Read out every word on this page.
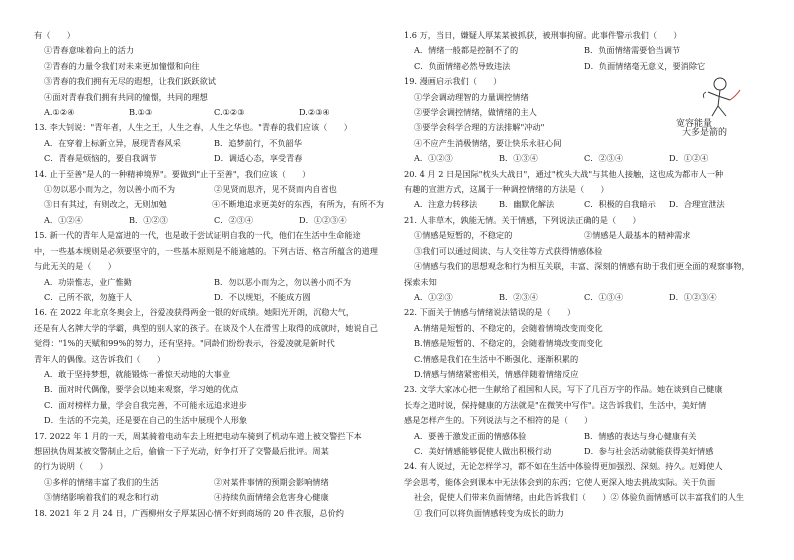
有（　　）
①青春意味着向上的活力
②青春的力量令我们对未来更加憧憬和向往
③青春的我们拥有无尽的遐想，让我们跃跃欲试
④面对青春我们拥有共同的憧憬，共同的理想
A.①②④	B.①③	C.①②③	D.②③④
13. 李大钊说："青年者，人生之王，人生之春，人生之华也。"青春的我们应该（　　）
A．在穿着上标新立异，展现青春风采	B．追梦前行，不负韶华
C．青春是烦恼的，要自我调节	D．调适心态，享受青春
14. 止于至善"是人的一种精神境界"。要做到"止于至善"，我们应该（　　）
①勿以恶小而为之，勿以善小而不为	②见贤而思齐，见不贤而内自省也
③日有其过，有则改之，无则加勉	④不断地追求更美好的东西，有所为，有所不为
A．①②④	B．①②③	C．②③④	D．①②③④
15. 新一代的青年人是富进的一代，也是敢于尝试证明自我的一代，他们在生活中生命能途
中，一些基本规则是必须要坚守的，一些基本原则是不能逾越的。下列古语、格言所蕴含的道理
与此无关的是（　　）
A．功崇惟志，业广惟勤	B．勿以恶小而为之，勿以善小而不为
C．己所不欲，勿施于人	D．不以规矩，不能成方圆
16. 在 2022 年北京冬奥会上，谷爱凌获得两金一银的好成绩。她阳光开朗，沉稳大气，
还是有人名牌大学的学霸，典型的别人家的孩子。在谈及个人在滑雪上取得的成就时，她说自己
觉得："1%的天赋和99%的努力，还有坚持。"同龄们纷纷表示，谷爱凌就是新时代
青年人的偶像。这告诉我们（　　）
A．敢于坚持梦想，就能锻炼一番惊天动地的大事业
B．面对时代偶像，要学会以她来观察，学习她的优点
C．面对榜样力量，学会自我完善，不可能永远追求进步
D．生活的不完美，还是要在自己的生活中展现个人形象
17. 2022 年 1 月的一天，周某骑着电动车去上班把电动车骑到了机动车道上被交警拦下本
想固执伪周某被交警制止之后，偷偷一下子光动，好争打开了交警最后批评。周某
的行为说明（　　）
①多样的情绪丰富了我们的生活	②对某件事情的预期会影响情绪
③情绪影响着我们的观念和行动	④持续负面情绪会危害身心健康
18. 2021 年 2 月 24 日，广西柳州女子厚某因心情不好到商场的 20 件衣服，总价约
1.6 万，当日，嫌疑人厚某某被抓获，被刑事拘留。此事件警示我们（　　）
A．情绪一般都是控制不了的	B．负面情绪需要恰当调节
C．负面情绪必然导致违法	D．负面情绪毫无意义，要消除它
宽容能量
大多是箭的
19. 漫画启示我们（　　）
①学会调动理智的力量调控情绪
②要学会调控情绪，做情绪的主人
③要学会科学合理的方法排解"冲动"
④不应产生消极情绪，要让快乐永驻心间
A．①②③	B．①③④	C．②③④	D．①②④
20. 4 月 2 日是国际"枕头大战日"，通过"枕头大战"与其他人接触，这也成为都市人一种
有趣的宣泄方式，这属于一种调控情绪的方法是（　　）
A．注意力转移法	B．幽默化解法	C．积极的自我暗示	D．合理宣泄法
21. 人非草木，孰能无情。关于情感，下列说法正确的是（　　）
①情感是短暂的，不稳定的	②情感是人最基本的精神需求
③我们可以通过阅读、与人交往等方式获得情感体验
④情感与我们的思想观念和行为相互关联，丰富、深刻的情感有助于我们更全面的观察事物，
探索未知
A．①②③	B．②③④	C．①③④	D．①②③④
22. 下面关于情感与情绪说法错误的是（　　）
A.情绪是短暂的、不稳定的，会随着情境改变而变化
B.情感是短暂的、不稳定的，会随着情境改变而变化
C.情感是我们在生活中不断强化、逐渐积累的
D.情感与情绪紧密相关，情感伴随着情绪反应
23. 文学大家冰心把一生献给了祖国和人民，写下了几百万字的作品。她在谈到自己健康
长寿之道时说，保持健康的方法就是"在微笑中写作"。这告诉我们，生活中，美好情
感是怎样产生的。下列说法与之不相符的是（　　）
A．要善于激发正面的情感体验	B．情感的表达与身心健康有关
C．美好情感能够促使人做出积极行动	D．参与社会活动就能获得美好情感
24. 有人说过，无论怎样学习，都不如在生活中体验得更加强烈、深刻。持久。厄姆使人
学会思考，能体会到课本中无法体会到的东西；它使人更深入地去挑战实际。关于负面
社会，促使人们带来负面情绪，由此告诉我们（　　） ② 体验负面情感可以丰富我们的人生
① 我们可以将负面情感转变为成长的助力
